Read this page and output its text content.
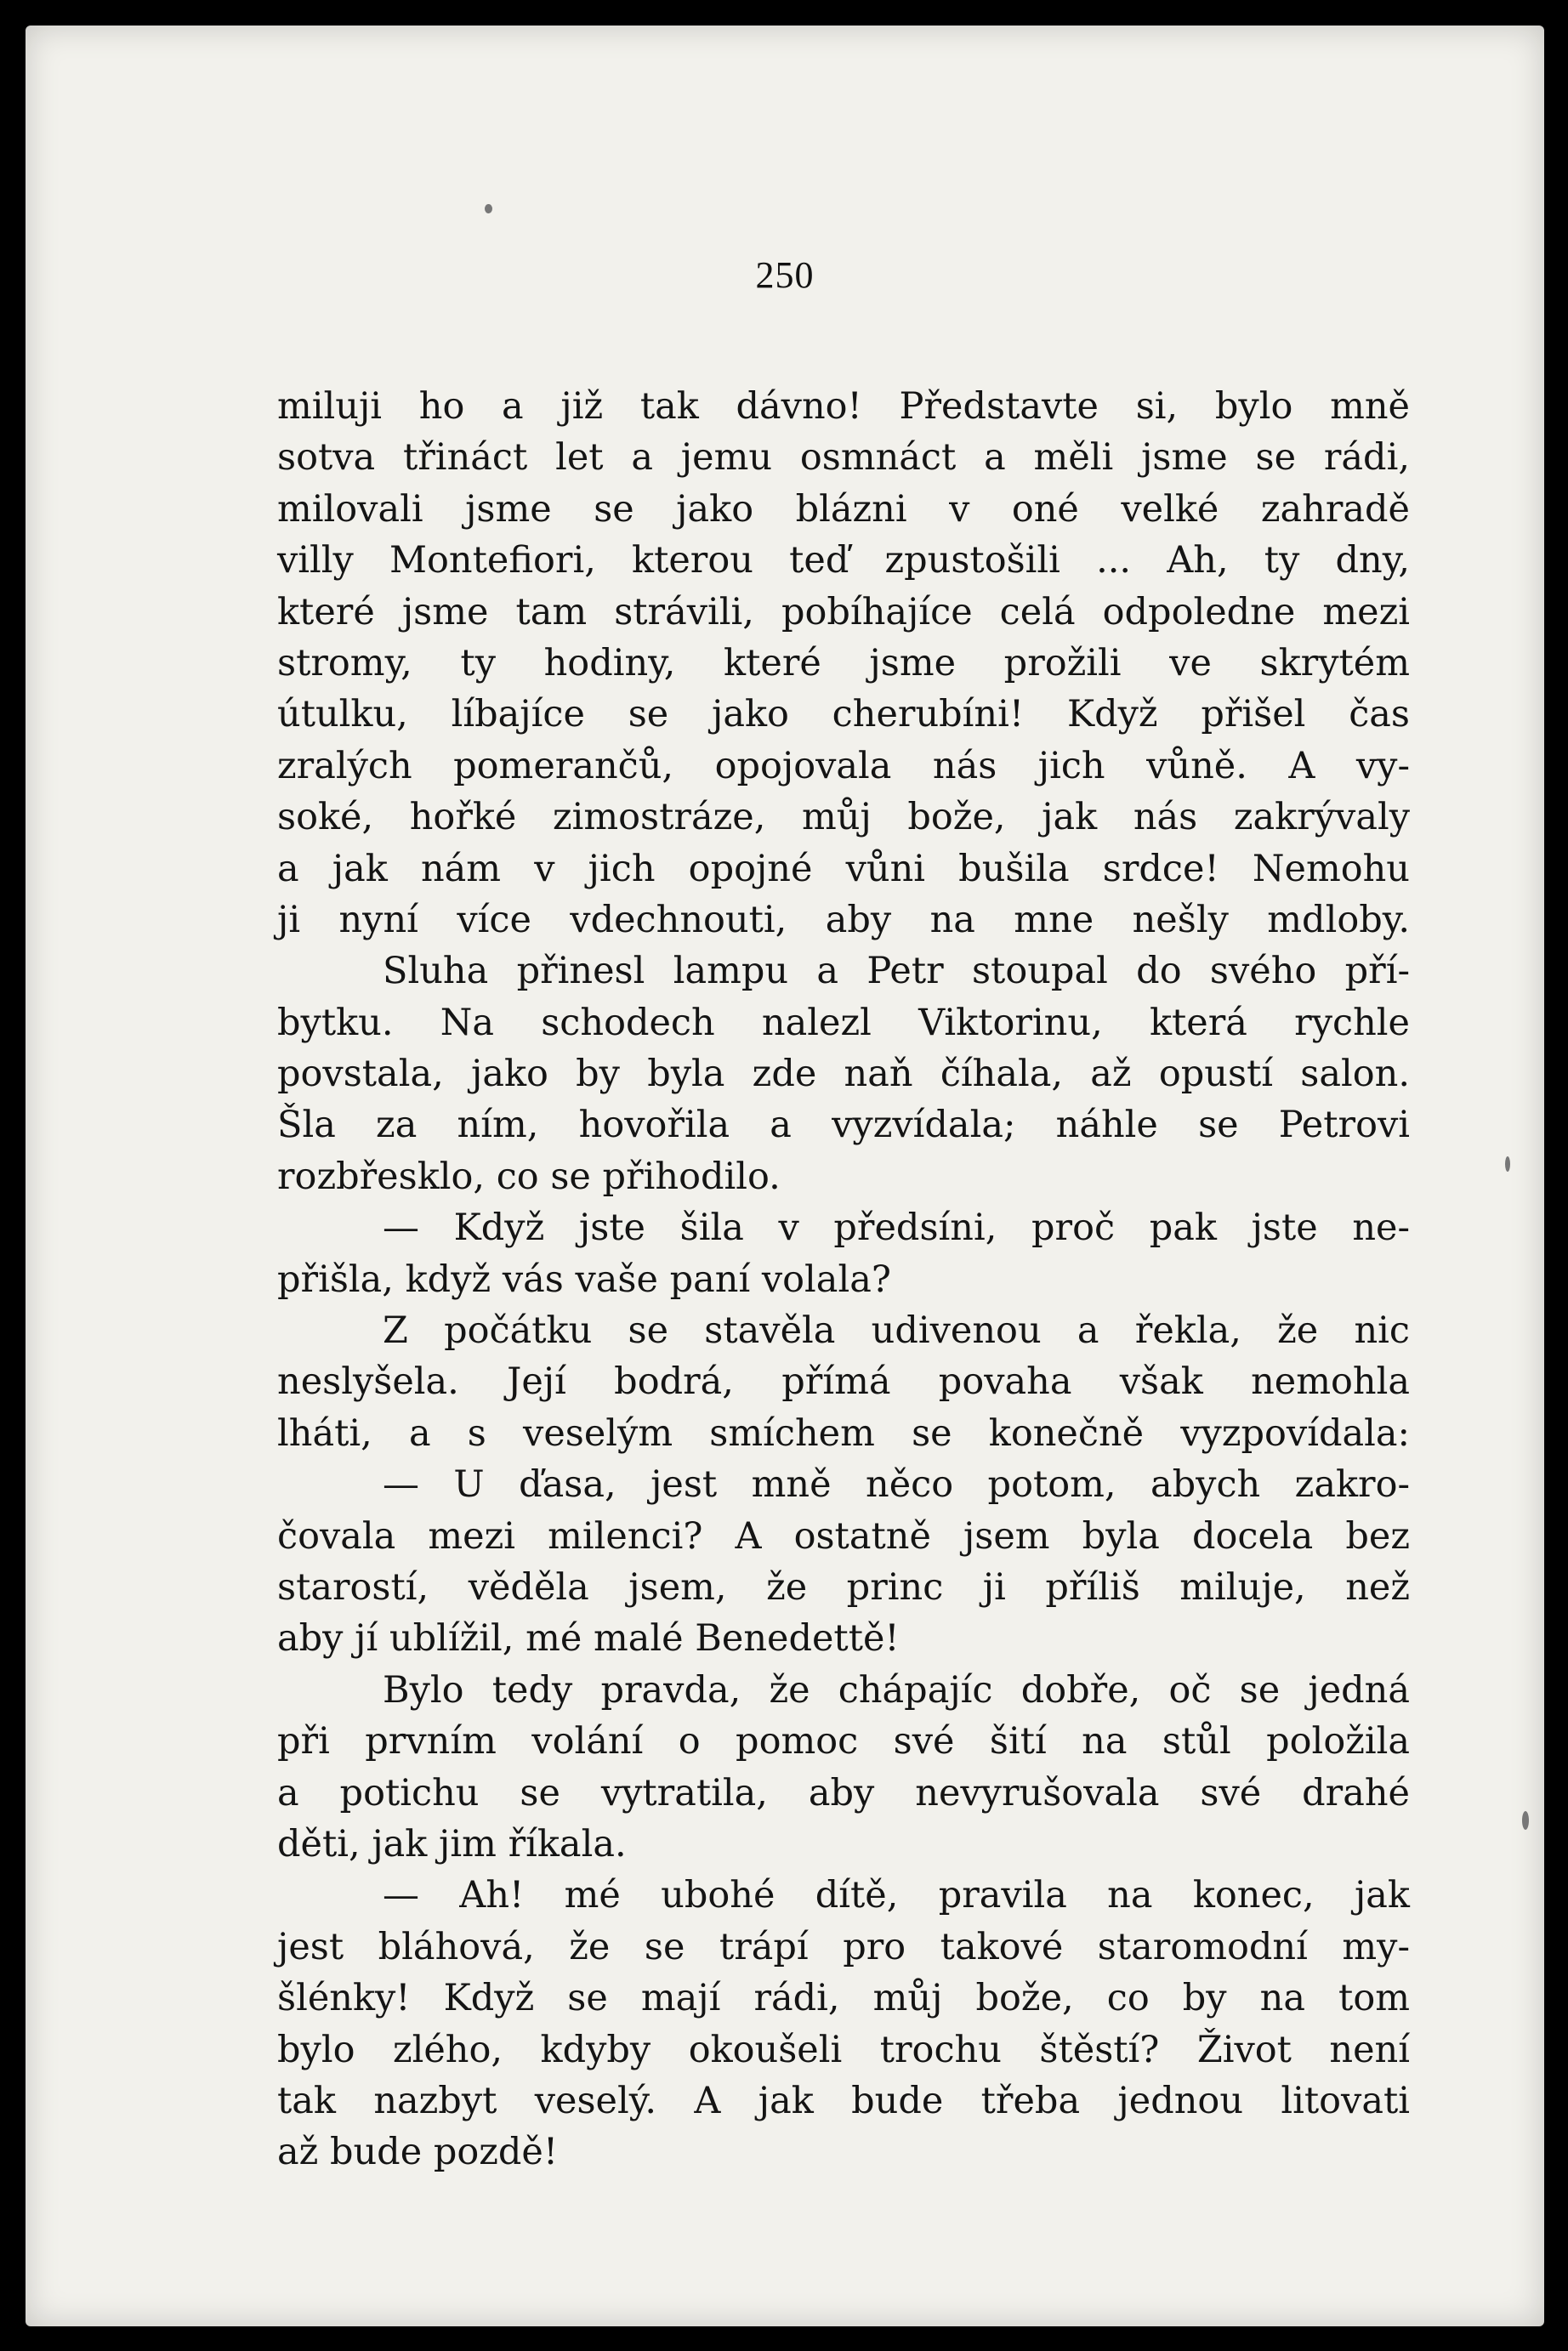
250
miluji ho a již tak dávno! Představte si, bylo mně
sotva třináct let a jemu osmnáct a měli jsme se rádi,
milovali jsme se jako blázni v oné velké zahradě
villy Montefiori, kterou teď zpustošili ... Ah, ty dny,
které jsme tam strávili, pobíhajíce celá odpoledne mezi
stromy, ty hodiny, které jsme prožili ve skrytém
útulku, líbajíce se jako cherubíni! Když přišel čas
zralých pomerančů, opojovala nás jich vůně. A vy-
soké, hořké zimostráze, můj bože, jak nás zakrývaly
a jak nám v jich opojné vůni bušila srdce! Nemohu
ji nyní více vdechnouti, aby na mne nešly mdloby.
Sluha přinesl lampu a Petr stoupal do svého pří-
bytku. Na schodech nalezl Viktorinu, která rychle
povstala, jako by byla zde naň číhala, až opustí salon.
Šla za ním, hovořila a vyzvídala; náhle se Petrovi
rozbřesklo, co se přihodilo.
— Když jste šila v předsíni, proč pak jste ne-
přišla, když vás vaše paní volala?
Z počátku se stavěla udivenou a řekla, že nic
neslyšela. Její bodrá, přímá povaha však nemohla
lháti, a s veselým smíchem se konečně vyzpovídala:
— U ďasa, jest mně něco potom, abych zakro-
čovala mezi milenci? A ostatně jsem byla docela bez
starostí, věděla jsem, že princ ji příliš miluje, než
aby jí ublížil, mé malé Benedettě!
Bylo tedy pravda, že chápajíc dobře, oč se jedná
při prvním volání o pomoc své šití na stůl položila
a potichu se vytratila, aby nevyrušovala své drahé
děti, jak jim říkala.
— Ah! mé ubohé dítě, pravila na konec, jak
jest bláhová, že se trápí pro takové staromodní my-
šlénky! Když se mají rádi, můj bože, co by na tom
bylo zlého, kdyby okoušeli trochu štěstí? Život není
tak nazbyt veselý. A jak bude třeba jednou litovati
až bude pozdě!
